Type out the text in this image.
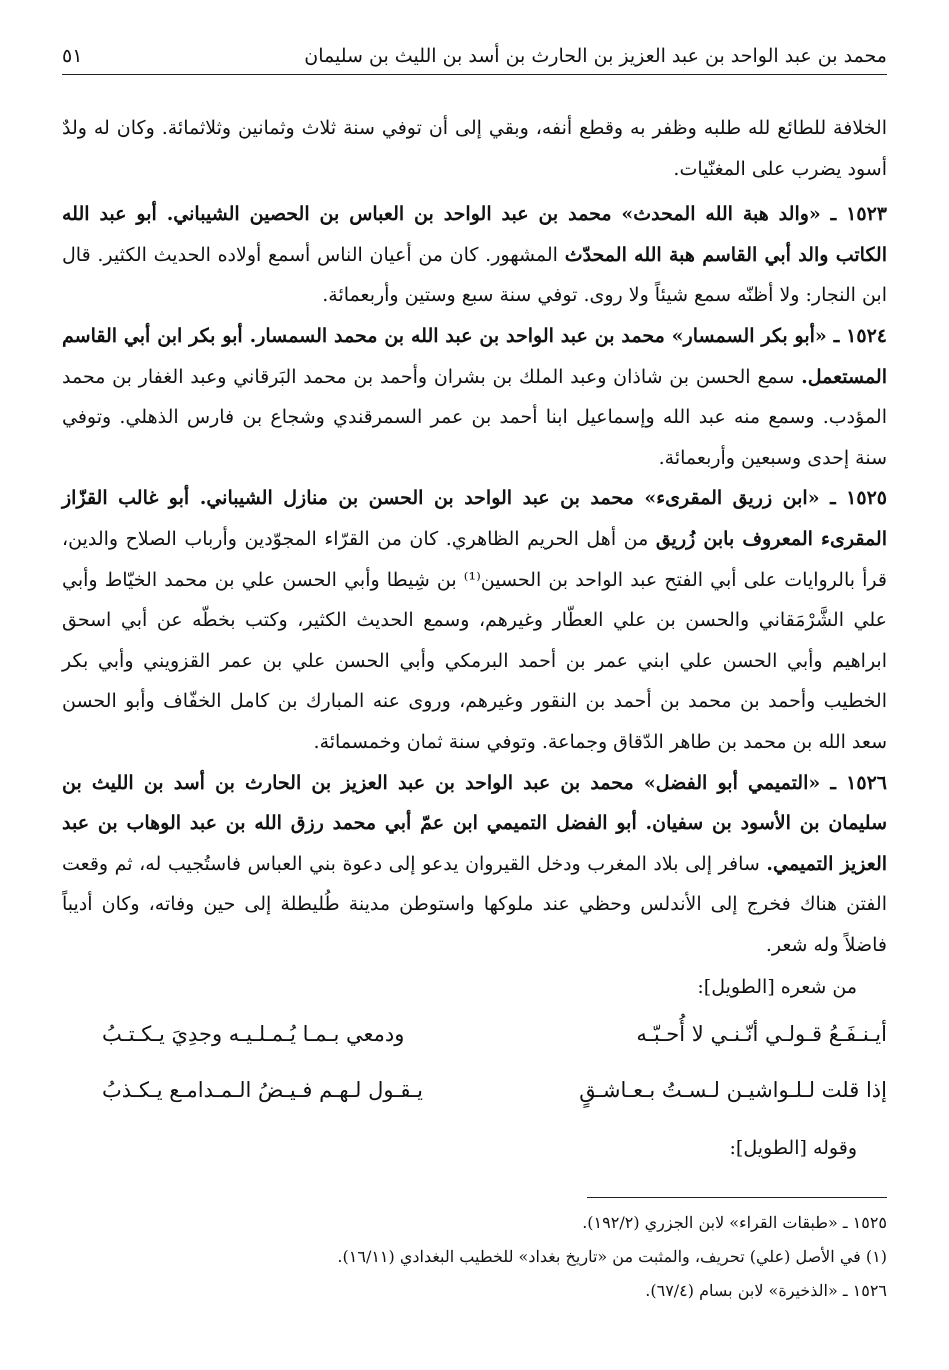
محمد بن عبد الواحد بن عبد العزيز بن الحارث بن أسد بن الليث بن سليمان
٥١

الخلافة للطائع لله طلبه وظفر به وقطع أنفه، وبقي إلى أن توفي سنة ثلاث وثمانين وثلاثمائة. وكان له ولدٌ أسود يضرب على المغنّيات.

١٥٢٣ ـ «والد هبة الله المحدث» محمد بن عبد الواحد بن العباس بن الحصين الشيباني. أبو عبد الله الكاتب والد أبي القاسم هبة الله المحدّث المشهور. كان من أعيان الناس أسمع أولاده الحديث الكثير. قال ابن النجار: ولا أظنّه سمع شيئاً ولا روى. توفي سنة سبع وستين وأربعمائة.

١٥٢٤ ـ «أبو بكر السمسار» محمد بن عبد الواحد بن عبد الله بن محمد السمسار. أبو بكر ابن أبي القاسم المستعمل. سمع الحسن بن شاذان وعبد الملك بن بشران وأحمد بن محمد البَرقاني وعبد الغفار بن محمد المؤدب. وسمع منه عبد الله وإسماعيل ابنا أحمد بن عمر السمرقندي وشجاع بن فارس الذهلي. وتوفي سنة إحدى وسبعين وأربعمائة.

١٥٢٥ ـ «ابن زريق المقرىء» محمد بن عبد الواحد بن الحسن بن منازل الشيباني. أبو غالب القزّاز المقرىء المعروف بابن زُريق من أهل الحريم الظاهري. كان من القرّاء المجوّدين وأرباب الصلاح والدين، قرأ بالروايات على أبي الفتح عبد الواحد بن الحسين⁽¹⁾ بن شِيطا وأبي الحسن علي بن محمد الخيّاط وأبي علي الشَّرْمَقاني والحسن بن علي العطّار وغيرهم، وسمع الحديث الكثير، وكتب بخطّه عن أبي اسحق ابراهيم وأبي الحسن علي ابني عمر بن أحمد البرمكي وأبي الحسن علي بن عمر القزويني وأبي بكر الخطيب وأحمد بن محمد بن أحمد بن النقور وغيرهم، وروى عنه المبارك بن كامل الخفّاف وأبو الحسن سعد الله بن محمد بن طاهر الدّقاق وجماعة. وتوفي سنة ثمان وخمسمائة.

١٥٢٦ ـ «التميمي أبو الفضل» محمد بن عبد الواحد بن عبد العزيز بن الحارث بن أسد بن الليث بن سليمان بن الأسود بن سفيان. أبو الفضل التميمي ابن عمّ أبي محمد رزق الله بن عبد الوهاب بن عبد العزيز التميمي. سافر إلى بلاد المغرب ودخل القيروان يدعو إلى دعوة بني العباس فاستُجيب له، ثم وقعت الفتن هناك فخرج إلى الأندلس وحظي عند ملوكها واستوطن مدينة طُليطلة إلى حين وفاته، وكان أديباً فاضلاً وله شعر.

من شعره [الطويل]:
أيـنـفَـعُ قـولـي أنّـنـي لا أُحـبّـه
ودمعي بـمـا يُـمـلـيـه وجدِيَ يـكـتـبُ
إذا قلت لـلـواشيـن لـسـتُ بـعـاشـقٍ
يـقـول لـهـم فـيـضُ الـمـدامـع يـكـذبُ
وقوله [الطويل]:
١٥٢٥ ـ «طبقات القراء» لابن الجزري (١٩٢/٢).
(١) في الأصل (علي) تحريف، والمثبت من «تاريخ بغداد» للخطيب البغدادي (١٦/١١).
١٥٢٦ ـ «الذخيرة» لابن بسام (٦٧/٤).
